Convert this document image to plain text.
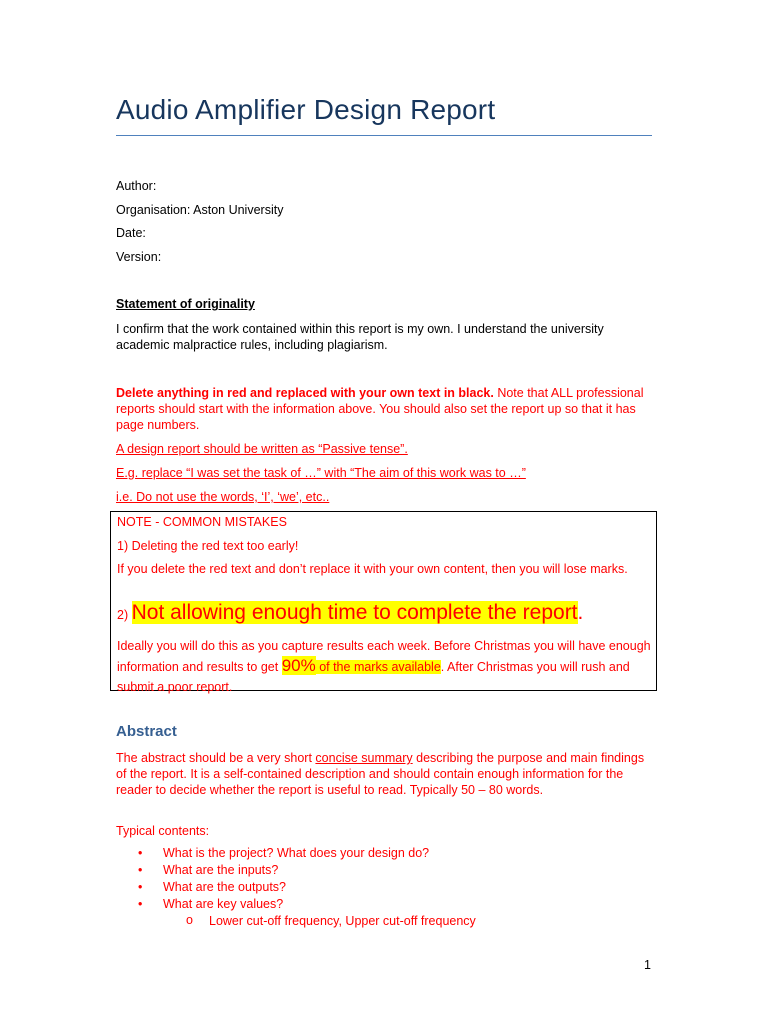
Audio Amplifier Design Report
Author:
Organisation: Aston University
Date:
Version:
Statement of originality
I confirm that the work contained within this report is my own. I understand the university academic malpractice rules, including plagiarism.
Delete anything in red and replaced with your own text in black. Note that ALL professional reports should start with the information above. You should also set the report up so that it has page numbers.
A design report should be written as “Passive tense”.
E.g. replace “I was set the task of …” with “The aim of this work was to …”
i.e. Do not use the words, ‘I’, ‘we’, etc..
NOTE - COMMON MISTAKES
1) Deleting the red text too early!
If you delete the red text and don’t replace it with your own content, then you will lose marks.
2) Not allowing enough time to complete the report.
Ideally you will do this as you capture results each week. Before Christmas you will have enough information and results to get 90% of the marks available. After Christmas you will rush and submit a poor report.
Abstract
The abstract should be a very short concise summary describing the purpose and main findings of the report. It is a self-contained description and should contain enough information for the reader to decide whether the report is useful to read. Typically 50 – 80 words.
Typical contents:
• What is the project? What does your design do?
• What are the inputs?
• What are the outputs?
• What are key values?
o Lower cut-off frequency, Upper cut-off frequency
1
